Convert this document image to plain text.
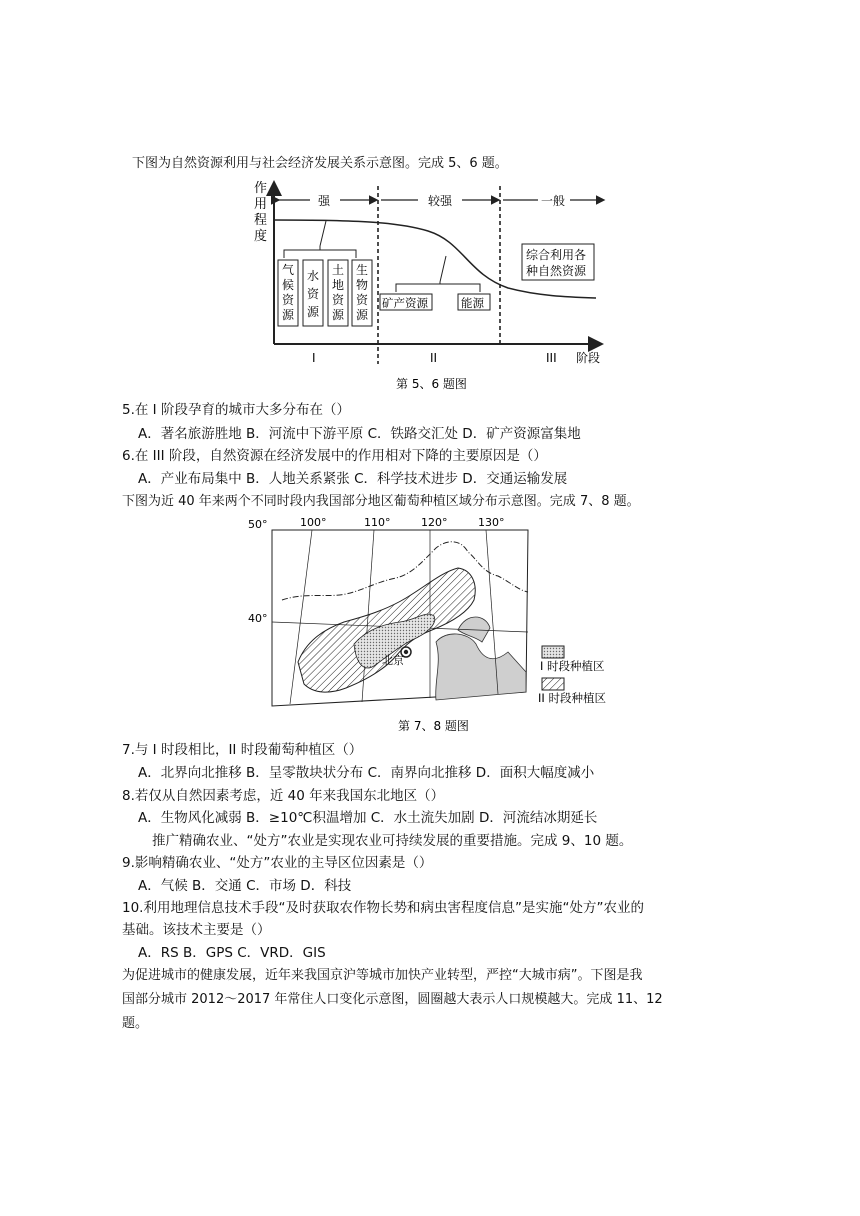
下图为自然资源利用与社会经济发展关系示意图。完成 5、6 题。
作
用
程
度
强	较强	一般
气
候
资
源
水
资
源
土
地
资
源
生
物
资
源
矿产资源	能源
综合利用各
种自然资源
I	II	III 阶段
第 5、6 题图
5.在 I 阶段孕育的城市大多分布在（）
A．著名旅游胜地 B．河流中下游平原 C．铁路交汇处 D．矿产资源富集地
6.在 III 阶段，自然资源在经济发展中的作用相对下降的主要原因是（）
A．产业布局集中 B．人地关系紧张 C．科学技术进步 D．交通运输发展
下图为近 40 年来两个不同时段内我国部分地区葡萄种植区域分布示意图。完成 7、8 题。
50°
40°
100°	110°	120°	130°
北京	I 时段种植区
II 时段种植区
第 7、8 题图
7.与 I 时段相比，II 时段葡萄种植区（）
A．北界向北推移 B．呈零散块状分布 C．南界向北推移 D．面积大幅度减小
8.若仅从自然因素考虑，近 40 年来我国东北地区（）
A．生物风化减弱 B．≥10℃积温增加 C．水土流失加剧 D．河流结冰期延长
推广精确农业、“处方”农业是实现农业可持续发展的重要措施。完成 9、10 题。
9.影响精确农业、“处方”农业的主导区位因素是（）
A．气候 B．交通 C．市场 D．科技
10.利用地理信息技术手段“及时获取农作物长势和病虫害程度信息”是实施“处方”农业的
基础。该技术主要是（）
A．RS B．GPS C．VRD．GIS
为促进城市的健康发展，近年来我国京沪等城市加快产业转型，严控“大城市病”。下图是我
国部分城市 2012～2017 年常住人口变化示意图，圆圈越大表示人口规模越大。完成 11、12
题。
